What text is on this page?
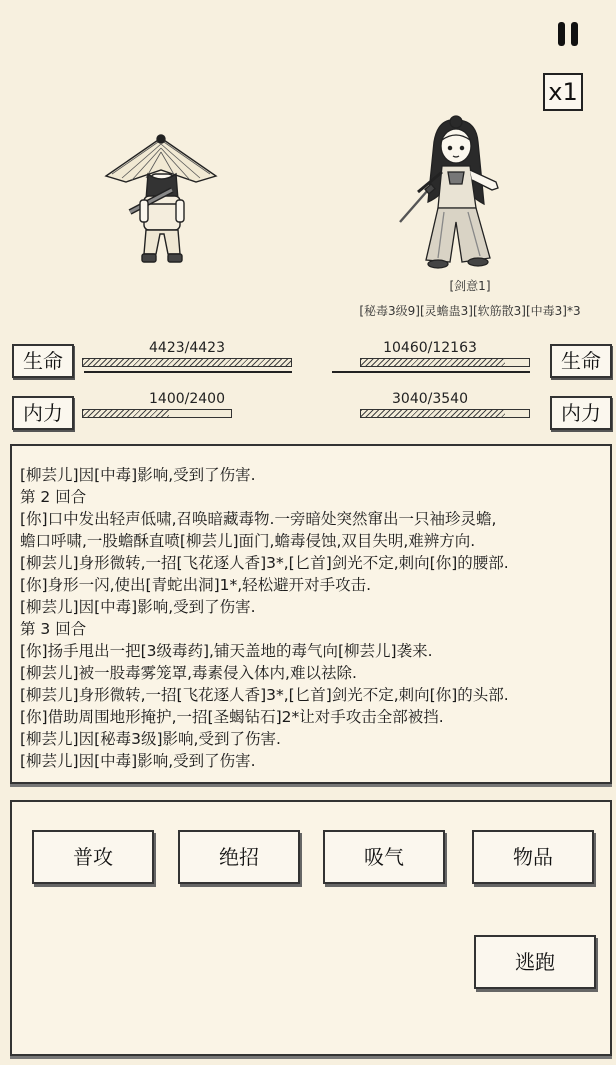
x1
[剑意1]
[秘毒3级9][灵蟾蛊3][软筋散3][中毒3]*3
生命
4423/4423
生命
10460/12163
内力
1400/2400
内力
3040/3540
[柳芸儿]因[中毒]影响,受到了伤害.
第 2 回合
[你]口中发出轻声低啸,召唤暗藏毒物.一旁暗处突然窜出一只袖珍灵蟾,
蟾口呼啸,一股蟾酥直喷[柳芸儿]面门,蟾毒侵蚀,双目失明,难辨方向.
[柳芸儿]身形微转,一招[飞花逐人香]3*,[匕首]剑光不定,刺向[你]的腰部.
[你]身形一闪,使出[青蛇出洞]1*,轻松避开对手攻击.
[柳芸儿]因[中毒]影响,受到了伤害.
第 3 回合
[你]扬手甩出一把[3级毒药],铺天盖地的毒气向[柳芸儿]袭来.
[柳芸儿]被一股毒雾笼罩,毒素侵入体内,难以祛除.
[柳芸儿]身形微转,一招[飞花逐人香]3*,[匕首]剑光不定,刺向[你]的头部.
[你]借助周围地形掩护,一招[圣蝎钻石]2*让对手攻击全部被挡.
[柳芸儿]因[秘毒3级]影响,受到了伤害.
[柳芸儿]因[中毒]影响,受到了伤害.
普攻	绝招	吸气	物品
逃跑
